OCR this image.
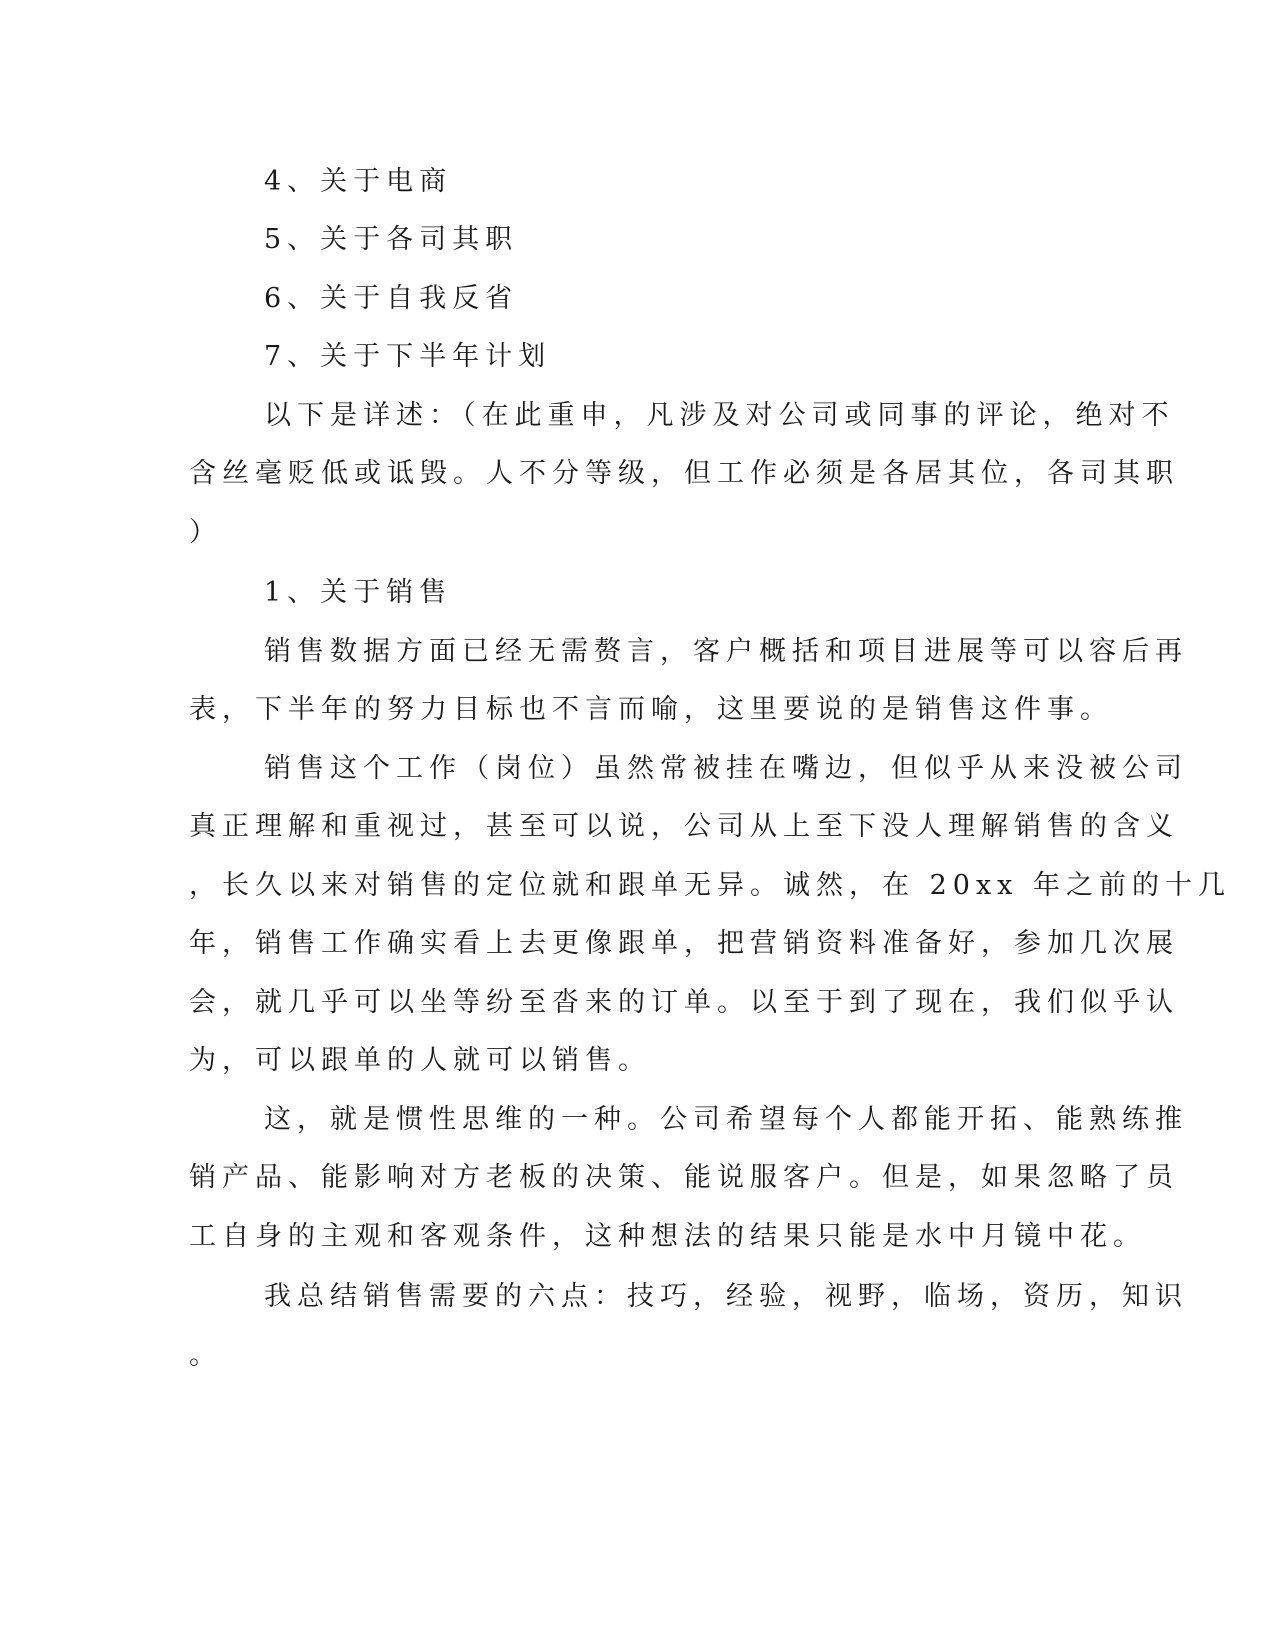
4、关于电商
5、关于各司其职
6、关于自我反省
7、关于下半年计划
以下是详述：（在此重申，凡涉及对公司或同事的评论，绝对不
含丝毫贬低或诋毁。人不分等级，但工作必须是各居其位，各司其职
）
1、关于销售
销售数据方面已经无需赘言，客户概括和项目进展等可以容后再
表，下半年的努力目标也不言而喻，这里要说的是销售这件事。
销售这个工作（岗位）虽然常被挂在嘴边，但似乎从来没被公司
真正理解和重视过，甚至可以说，公司从上至下没人理解销售的含义
，长久以来对销售的定位就和跟单无异。诚然，在 20xx 年之前的十几
年，销售工作确实看上去更像跟单，把营销资料准备好，参加几次展
会，就几乎可以坐等纷至沓来的订单。以至于到了现在，我们似乎认
为，可以跟单的人就可以销售。
这，就是惯性思维的一种。公司希望每个人都能开拓、能熟练推
销产品、能影响对方老板的决策、能说服客户。但是，如果忽略了员
工自身的主观和客观条件，这种想法的结果只能是水中月镜中花。
我总结销售需要的六点：技巧，经验，视野，临场，资历，知识
。
